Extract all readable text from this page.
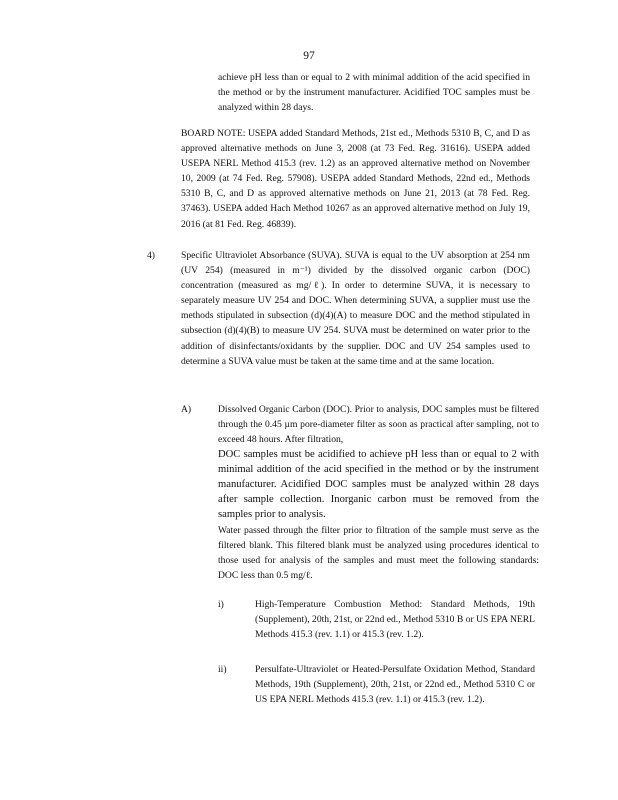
97
achieve pH less than or equal to 2 with minimal addition of the acid specified in the method or by the instrument manufacturer. Acidified TOC samples must be analyzed within 28 days.
BOARD NOTE: USEPA added Standard Methods, 21st ed., Methods 5310 B, C, and D as approved alternative methods on June 3, 2008 (at 73 Fed. Reg. 31616). USEPA added USEPA NERL Method 415.3 (rev. 1.2) as an approved alternative method on November 10, 2009 (at 74 Fed. Reg. 57908). USEPA added Standard Methods, 22nd ed., Methods 5310 B, C, and D as approved alternative methods on June 21, 2013 (at 78 Fed. Reg. 37463). USEPA added Hach Method 10267 as an approved alternative method on July 19, 2016 (at 81 Fed. Reg. 46839).
4)	Specific Ultraviolet Absorbance (SUVA). SUVA is equal to the UV absorption at 254 nm (UV 254) (measured in m⁻¹) divided by the dissolved organic carbon (DOC) concentration (measured as mg/ℓ). In order to determine SUVA, it is necessary to separately measure UV 254 and DOC. When determining SUVA, a supplier must use the methods stipulated in subsection (d)(4)(A) to measure DOC and the method stipulated in subsection (d)(4)(B) to measure UV 254. SUVA must be determined on water prior to the addition of disinfectants/oxidants by the supplier. DOC and UV 254 samples used to determine a SUVA value must be taken at the same time and at the same location.
A)	Dissolved Organic Carbon (DOC). Prior to analysis, DOC samples must be filtered through the 0.45 µm pore-diameter filter as soon as practical after sampling, not to exceed 48 hours. After filtration,
DOC samples must be acidified to achieve pH less than or equal to 2 with minimal addition of the acid specified in the method or by the instrument manufacturer. Acidified DOC samples must be analyzed within 28 days after sample collection. Inorganic carbon must be removed from the samples prior to analysis.
Water passed through the filter prior to filtration of the sample must serve as the filtered blank. This filtered blank must be analyzed using procedures identical to those used for analysis of the samples and must meet the following standards: DOC less than 0.5 mg/ℓ.
i)	High-Temperature Combustion Method: Standard Methods, 19th (Supplement), 20th, 21st, or 22nd ed., Method 5310 B or US EPA NERL Methods 415.3 (rev. 1.1) or 415.3 (rev. 1.2).
ii)	Persulfate-Ultraviolet or Heated-Persulfate Oxidation Method, Standard Methods, 19th (Supplement), 20th, 21st, or 22nd ed., Method 5310 C or US EPA NERL Methods 415.3 (rev. 1.1) or 415.3 (rev. 1.2).
